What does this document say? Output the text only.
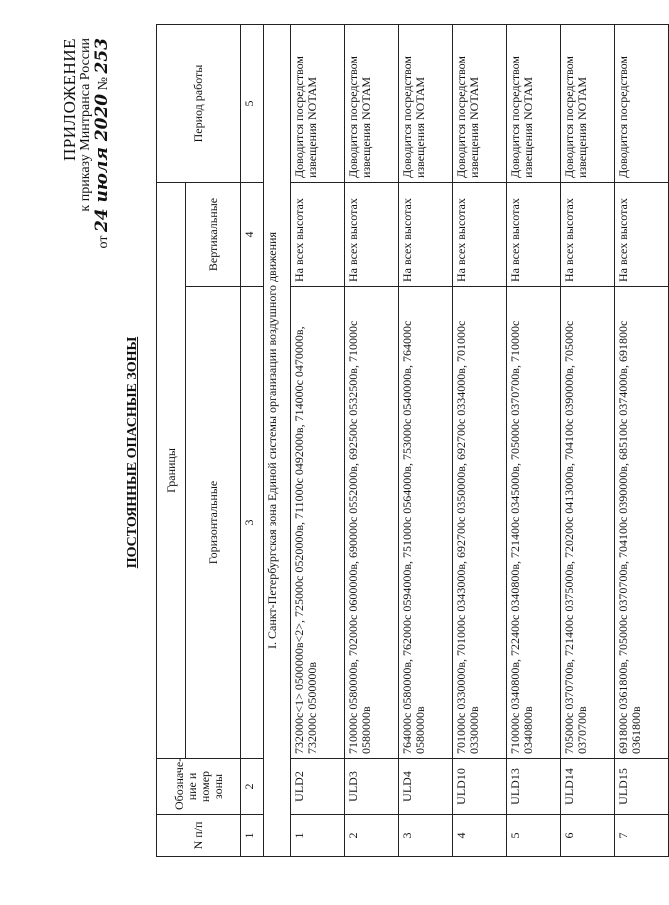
ПРИЛОЖЕНИЕ к приказу Минтранса России
от 24 июля 2020 № 253
ПОСТОЯННЫЕ ОПАСНЫЕ ЗОНЫ
N п/п	Обозначе-ние и номер зоны	Границы		Период работы
		Горизонтальные	Вертикальные	
1	2	3	4	5
I. Санкт-Петербургская зона Единой системы организации воздушного движения				
1	ULD2	732000с<1> 0500000в<2>, 725000с 0520000в, 711000с 0492000в, 714000с 0470000в, 732000с 0500000в	На всех высотах	Доводится посредством извещения NOTAM
2	ULD3	710000с 0580000в, 702000с 0600000в, 690000с 0552000в, 692500с 0532500в, 710000с 0580000в	На всех высотах	Доводится посредством извещения NOTAM
3	ULD4	764000с 0580000в, 762000с 0594000в, 751000с 0564000в, 753000с 0540000в, 764000с 0580000в	На всех высотах	Доводится посредством извещения NOTAM
4	ULD10	701000с 0330000в, 701000с 0343000в, 692700с 0350000в, 692700с 0334000в, 701000с 0330000в	На всех высотах	Доводится посредством извещения NOTAM
5	ULD13	710000с 0340800в, 722400с 0340800в, 721400с 0345000в, 705000с 0370700в, 710000с 0340800в	На всех высотах	Доводится посредством извещения NOTAM
6	ULD14	705000с 0370700в, 721400с 0375000в, 720200с 0413000в, 704100с 0390000в, 705000с 0370700в	На всех высотах	Доводится посредством извещения NOTAM
7	ULD15	691800с 0361800в, 705000с 0370700в, 704100с 0390000в, 685100с 0374000в, 691800с 0361800в	На всех высотах	Доводится посредством
